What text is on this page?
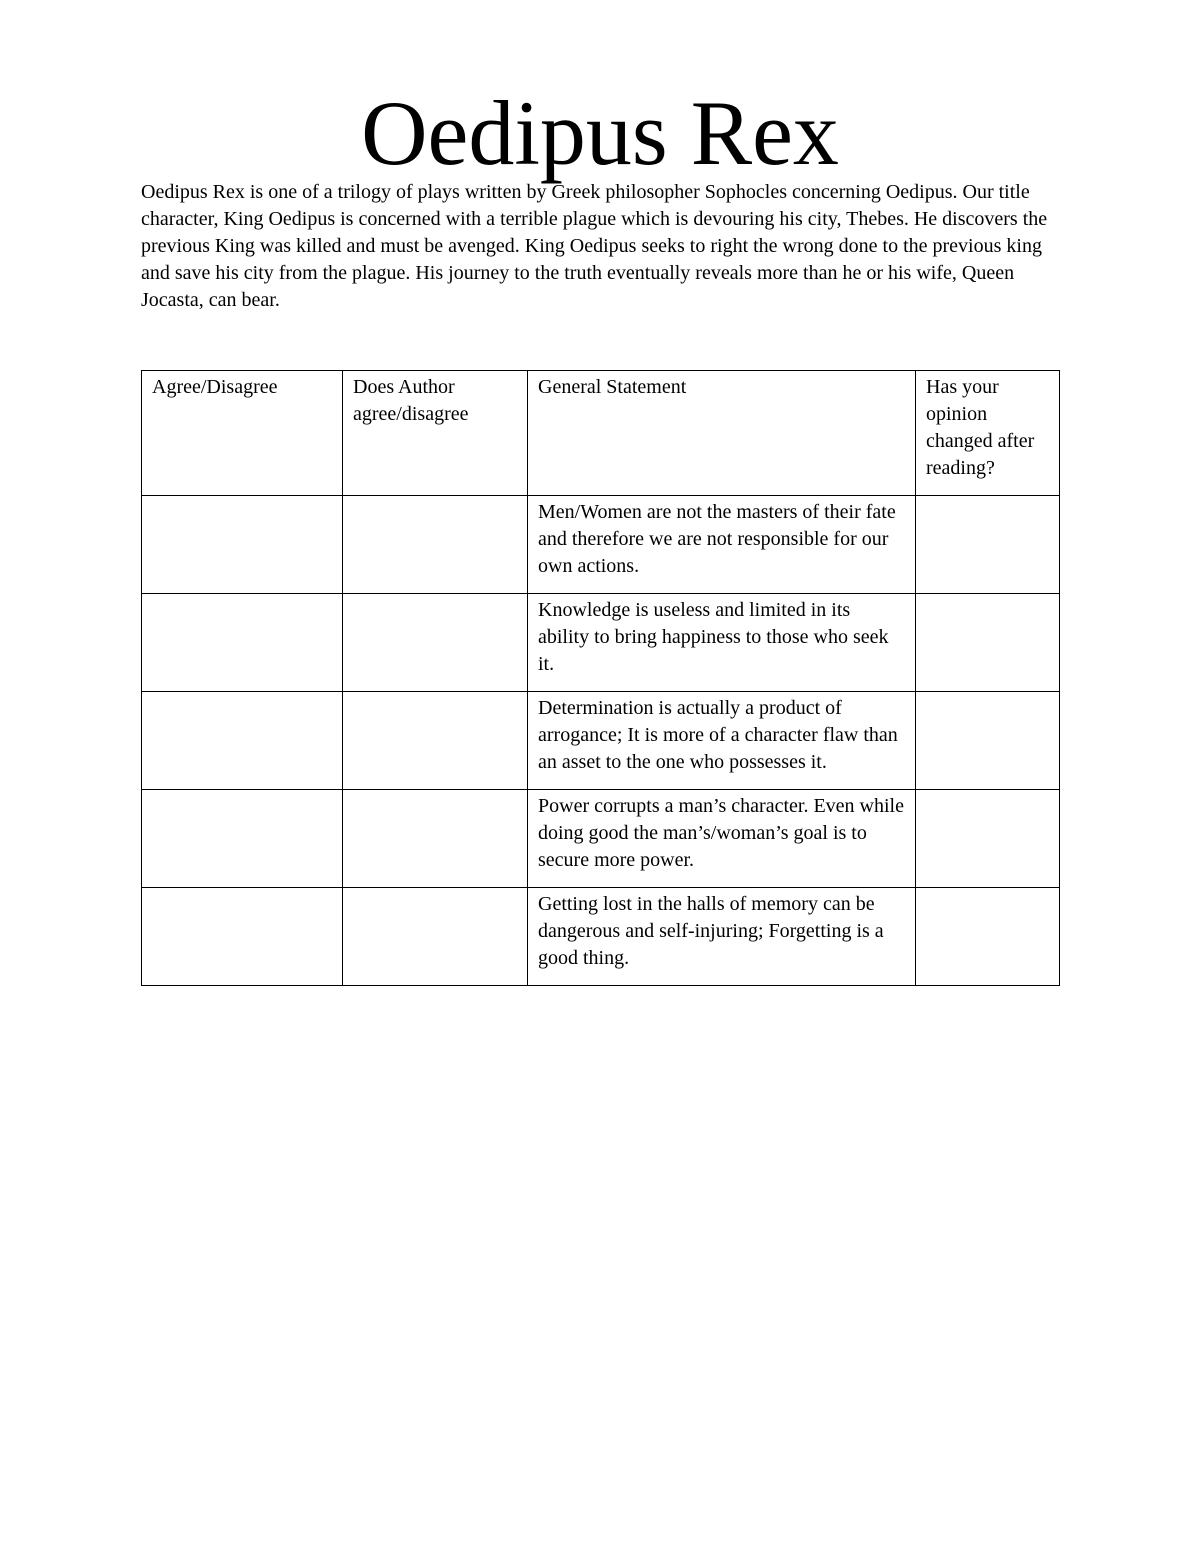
Oedipus Rex

Oedipus Rex is one of a trilogy of plays written by Greek philosopher Sophocles concerning Oedipus. Our title character, King Oedipus is concerned with a terrible plague which is devouring his city, Thebes. He discovers the previous King was killed and must be avenged. King Oedipus seeks to right the wrong done to the previous king and save his city from the plague. His journey to the truth eventually reveals more than he or his wife, Queen Jocasta, can bear.

Agree/Disagree	Does Author agree/disagree	General Statement	Has your opinion changed after reading?
		Men/Women are not the masters of their fate and therefore we are not responsible for our own actions.	
		Knowledge is useless and limited in its ability to bring happiness to those who seek it.	
		Determination is actually a product of arrogance; It is more of a character flaw than an asset to the one who possesses it.	
		Power corrupts a man’s character. Even while doing good the man’s/woman’s goal is to secure more power.	
		Getting lost in the halls of memory can be dangerous and self-injuring; Forgetting is a good thing.	
